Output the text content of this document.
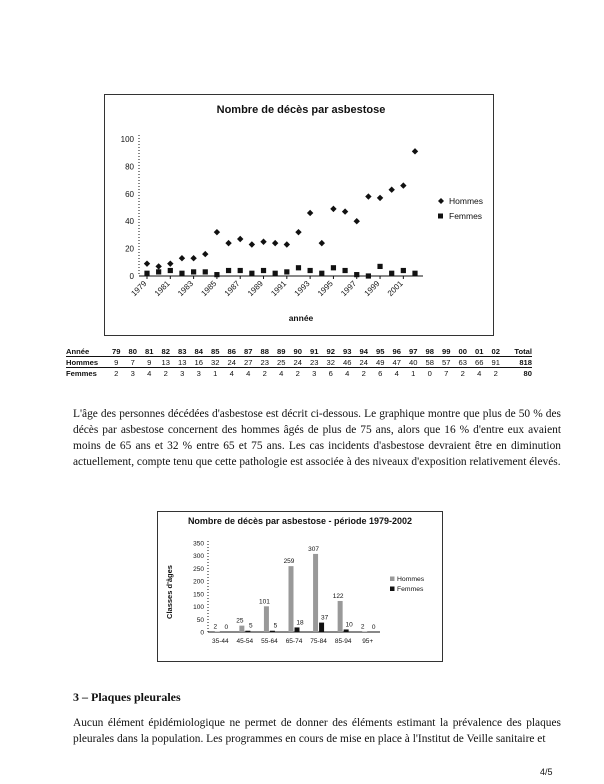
Nombre de décès par asbestose
0
20
40
60
80
100
1979 1981 1983 1985 1987 1989 1991 1993 1995 1997 1999 2001
année
Hommes
Femmes
Année	79	80	81	82	83	84	85	86	87	88	89	90	91	92	93	94	95	96	97	98	99	00	01	02	Total
Hommes	9	7	9	13	13	16	32	24	27	23	25	24	23	32	46	24	49	47	40	58	57	63	66	91	818
Femmes	2	3	4	2	3	3	1	4	4	2	4	2	3	6	4	2	6	4	1	0	7	2	4	2	80

L'âge des personnes décédées d'asbestose est décrit ci-dessous. Le graphique montre que plus de 50 % des décès par asbestose concernent des hommes âgés de plus de 75 ans, alors que 16 % d'entre eux avaient moins de 65 ans et 32 % entre 65 et 75 ans. Les cas incidents d'asbestose devraient être en diminution actuellement, compte tenu que cette pathologie est associée à des niveaux d'exposition relativement élevés.

Nombre de décès par asbestose - période 1979-2002
Classes d'âges
0
50
100
150
200
250
300
350
35-44
2 0
45-54
25
5
55-64
101
5
65-74
259
18
75-84
307
37
85-94
122
10
95+
2 0
Hommes
Femmes
3 – Plaques pleurales

Aucun élément épidémiologique ne permet de donner des éléments estimant la prévalence des plaques pleurales dans la population. Les programmes en cours de mise en place à l'Institut de Veille sanitaire et

4/5
